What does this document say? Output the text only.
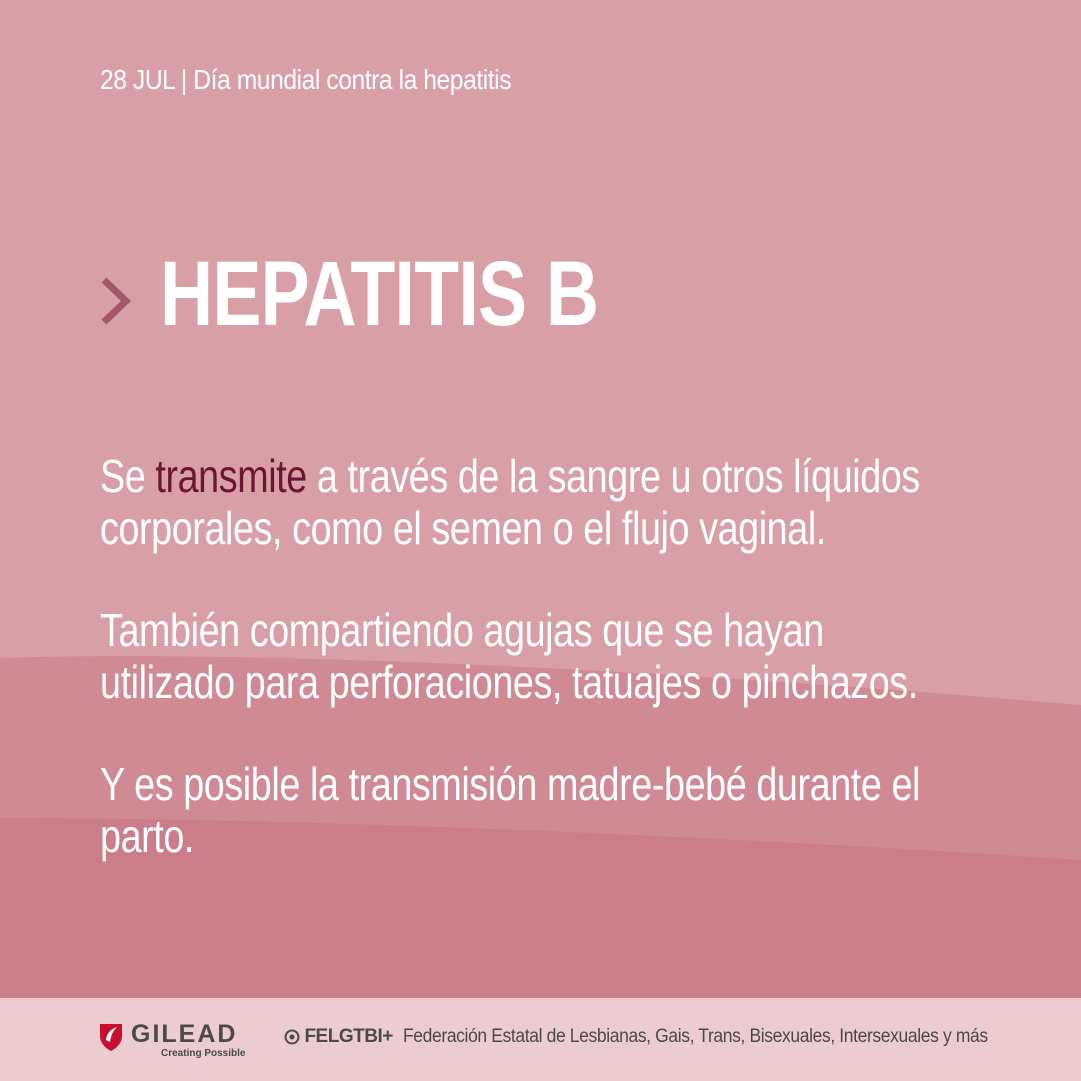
28 JUL | Día mundial contra la hepatitis
HEPATITIS B

Se transmite a través de la sangre u otros líquidos corporales, como el semen o el flujo vaginal.

También compartiendo agujas que se hayan utilizado para perforaciones, tatuajes o pinchazos.

Y es posible la transmisión madre-bebé durante el parto.

GILEAD
Creating Possible
FELGTBI+ Federación Estatal de Lesbianas, Gais, Trans, Bisexuales, Intersexuales y más
